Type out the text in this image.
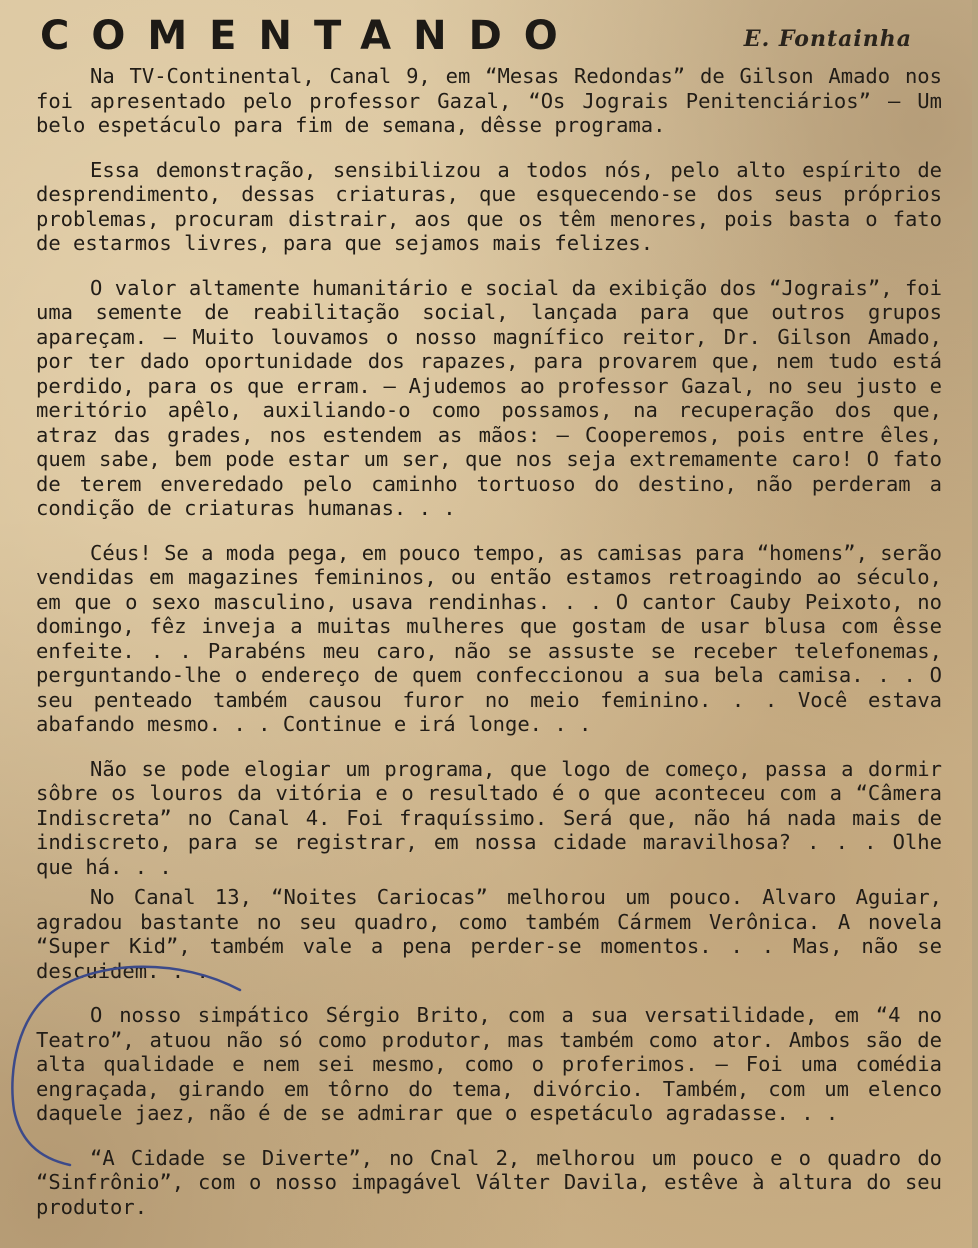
COMENTANDO	E. Fontainha

Na TV-Continental, Canal 9, em “Mesas Redondas” de Gilson Amado nos foi apresentado pelo professor Gazal, “Os Jograis Penitenciários” — Um belo espetáculo para fim de semana, dêsse programa.

Essa demonstração, sensibilizou a todos nós, pelo alto espírito de desprendimento, dessas criaturas, que esquecendo-se dos seus próprios problemas, procuram distrair, aos que os têm menores, pois basta o fato de estarmos livres, para que sejamos mais felizes.

O valor altamente humanitário e social da exibição dos “Jograis”, foi uma semente de reabilitação social, lançada para que outros grupos apareçam. — Muito louvamos o nosso magnífico reitor, Dr. Gilson Amado, por ter dado oportunidade dos rapazes, para provarem que, nem tudo está perdido, para os que erram. — Ajudemos ao professor Gazal, no seu justo e meritório apêlo, auxiliando-o como possamos, na recuperação dos que, atraz das grades, nos estendem as mãos: — Cooperemos, pois entre êles, quem sabe, bem pode estar um ser, que nos seja extremamente caro! O fato de terem enveredado pelo caminho tortuoso do destino, não perderam a condição de criaturas humanas. . .

Céus! Se a moda pega, em pouco tempo, as camisas para “homens”, serão vendidas em magazines femininos, ou então estamos retroagindo ao século, em que o sexo masculino, usava rendinhas. . . O cantor Cauby Peixoto, no domingo, fêz inveja a muitas mulheres que gostam de usar blusa com êsse enfeite. . . Parabéns meu caro, não se assuste se receber telefonemas, perguntando-lhe o endereço de quem confeccionou a sua bela camisa. . . O seu penteado também causou furor no meio feminino. . . Você estava abafando mesmo. . . Continue e irá longe. . .

Não se pode elogiar um programa, que logo de começo, passa a dormir sôbre os louros da vitória e o resultado é o que aconteceu com a “Câmera Indiscreta” no Canal 4. Foi fraquíssimo. Será que, não há nada mais de indiscreto, para se registrar, em nossa cidade maravilhosa? . . . Olhe que há. . .

No Canal 13, “Noites Cariocas” melhorou um pouco. Alvaro Aguiar, agradou bastante no seu quadro, como também Cármem Verônica. A novela “Super Kid”, também vale a pena perder-se momentos. . . Mas, não se descuidem. . .

O nosso simpático Sérgio Brito, com a sua versatilidade, em “4 no Teatro”, atuou não só como produtor, mas também como ator. Ambos são de alta qualidade e nem sei mesmo, como o proferimos. — Foi uma comédia engraçada, girando em tôrno do tema, divórcio. Também, com um elenco daquele jaez, não é de se admirar que o espetáculo agradasse. . .

“A Cidade se Diverte”, no Cnal 2, melhorou um pouco e o quadro do “Sinfrônio”, com o nosso impagável Válter Davila, estêve à altura do seu produtor.
